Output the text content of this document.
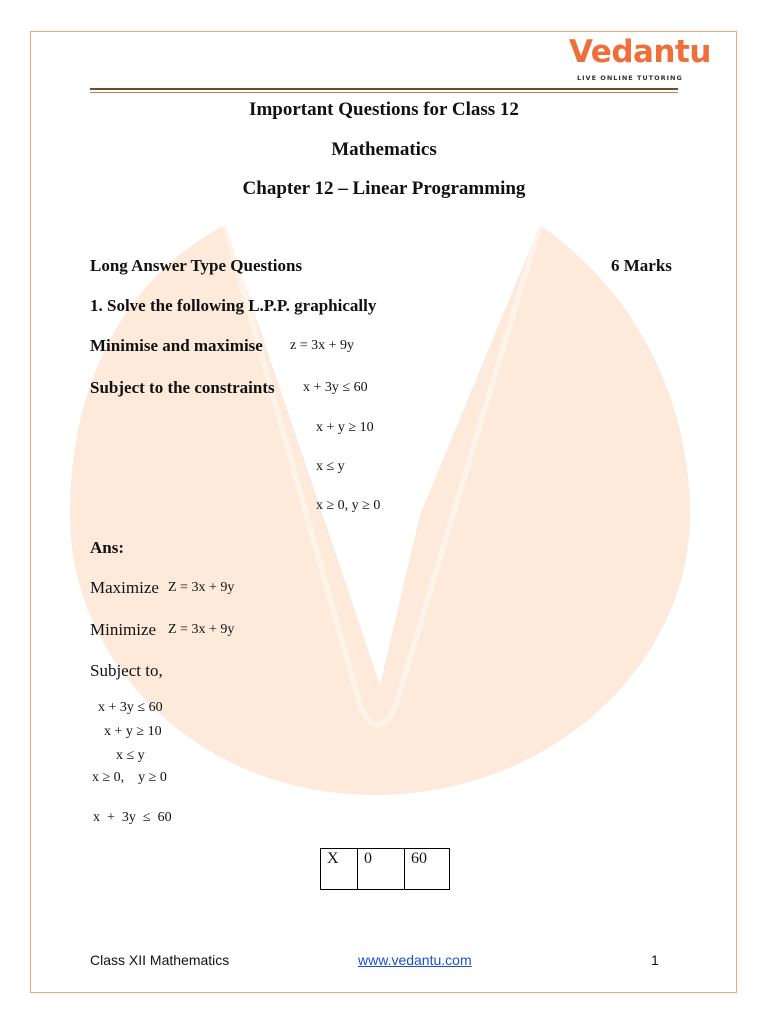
Vedantu
LIVE ONLINE TUTORING
Important Questions for Class 12
Mathematics
Chapter 12 – Linear Programming
Long Answer Type Questions	6 Marks
1. Solve the following L.P.P. graphically
Minimise and maximise z = 3x + 9y
Subject to the constraints x + 3y ≤ 60
x + y ≥ 10
x ≤ y
x ≥ 0, y ≥ 0
Ans:
Maximize Z = 3x + 9y
Minimize Z = 3x + 9y
Subject to,
x + 3y ≤ 60
x + y ≥ 10
x ≤ y
x ≥ 0,    y ≥ 0
x  +  3y  ≤  60
X	0	60
Class XII Mathematics	www.vedantu.com	1
